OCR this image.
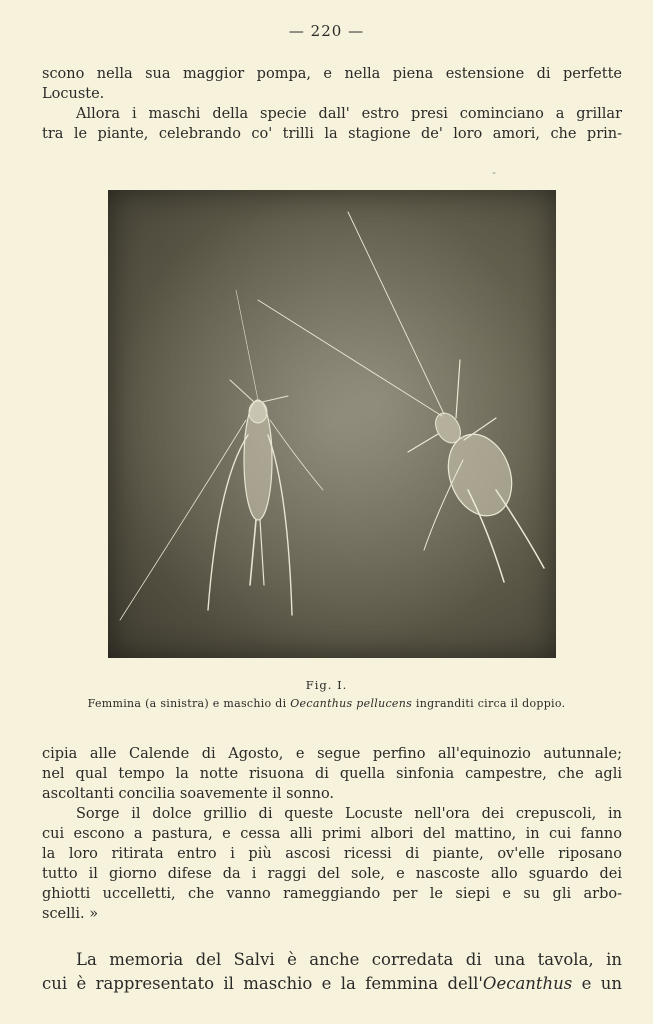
— 220 —

scono nella sua maggior pompa, e nella piena estensione di perfette

Locuste.

Allora i maschi della specie dall' estro presi cominciano a grillar

tra le piante, celebrando co' trilli la stagione de' loro amori, che prin-

˜
Fig. I.
Femmina (a sinistra) e maschio di Oecanthus pellucens ingranditi circa il doppio.

cipia alle Calende di Agosto, e segue perfino all'equinozio autunnale;

nel qual tempo la notte risuona di quella sinfonia campestre, che agli

ascoltanti concilia soavemente il sonno.

Sorge il dolce grillio di queste Locuste nell'ora dei crepuscoli, in

cui escono a pastura, e cessa alli primi albori del mattino, in cui fanno

la loro ritirata entro i più ascosi ricessi di piante, ov'elle riposano

tutto il giorno difese da i raggi del sole, e nascoste allo sguardo dei

ghiotti uccelletti, che vanno rameggiando per le siepi e su gli arbo-

scelli. »

La memoria del Salvi è anche corredata di una tavola, in

cui è rappresentato il maschio e la femmina dell'Oecanthus e un
